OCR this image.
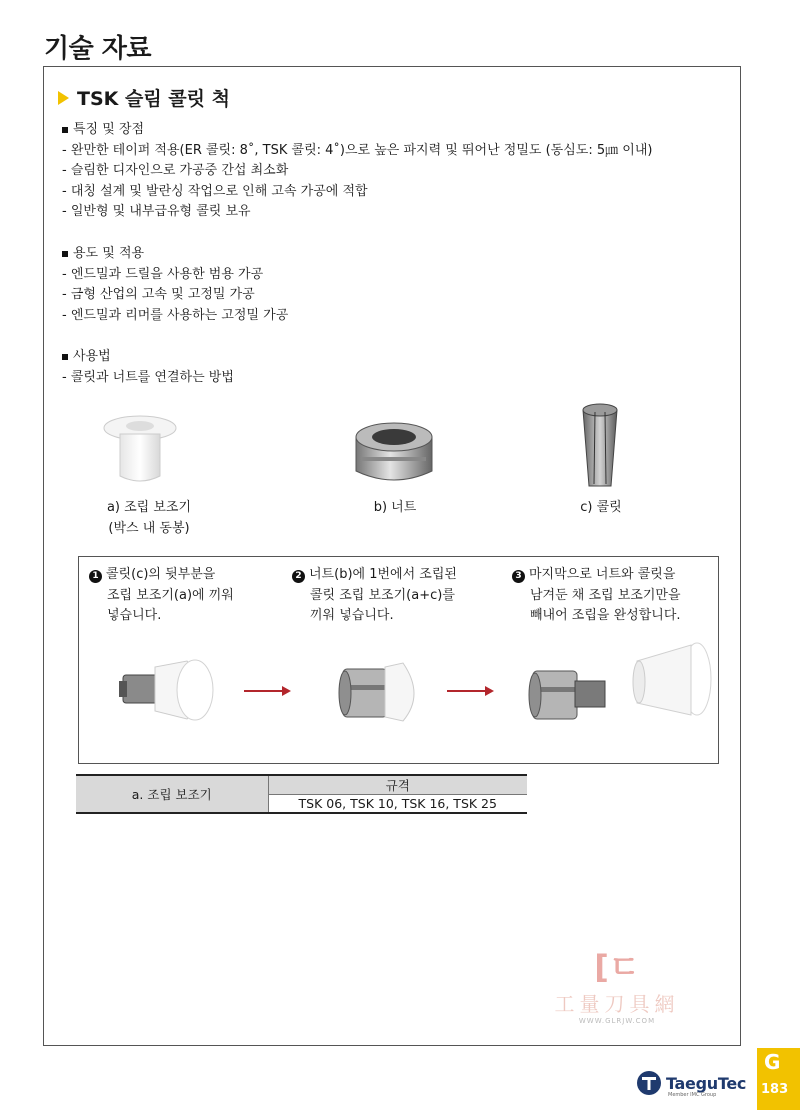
기술 자료
TSK 슬림 콜릿 척
특징 및 장점
- 완만한 테이퍼 적용(ER 콜릿: 8˚, TSK 콜릿: 4˚)으로 높은 파지력 및 뛰어난 정밀도 (동심도: 5㎛ 이내)
- 슬림한 디자인으로 가공중 간섭 최소화
- 대칭 설계 및 발란싱 작업으로 인해 고속 가공에 적합
- 일반형 및 내부급유형 콜릿 보유
용도 및 적용
- 엔드밀과 드릴을 사용한 범용 가공
- 금형 산업의 고속 및 고정밀 가공
- 엔드밀과 리머를 사용하는 고정밀 가공
사용법
- 콜릿과 너트를 연결하는 방법
a) 조립 보조기
(박스 내 동봉)
b) 너트	c) 콜릿
1 콜릿(c)의 뒷부분을
조립 보조기(a)에 끼워
넣습니다.
2 너트(b)에 1번에서 조립된
콜릿 조립 보조기(a+c)를
끼워 넣습니다.
3 마지막으로 너트와 콜릿을
남겨둔 채 조립 보조기만을
빼내어 조립을 완성합니다.
a. 조립 보조기	규격
TSK 06, TSK 10, TSK 16, TSK 25
[ㄷ
工量刀具網
WWW.GLRJW.COM
G
183
TaeguTec
Member IMC Group
